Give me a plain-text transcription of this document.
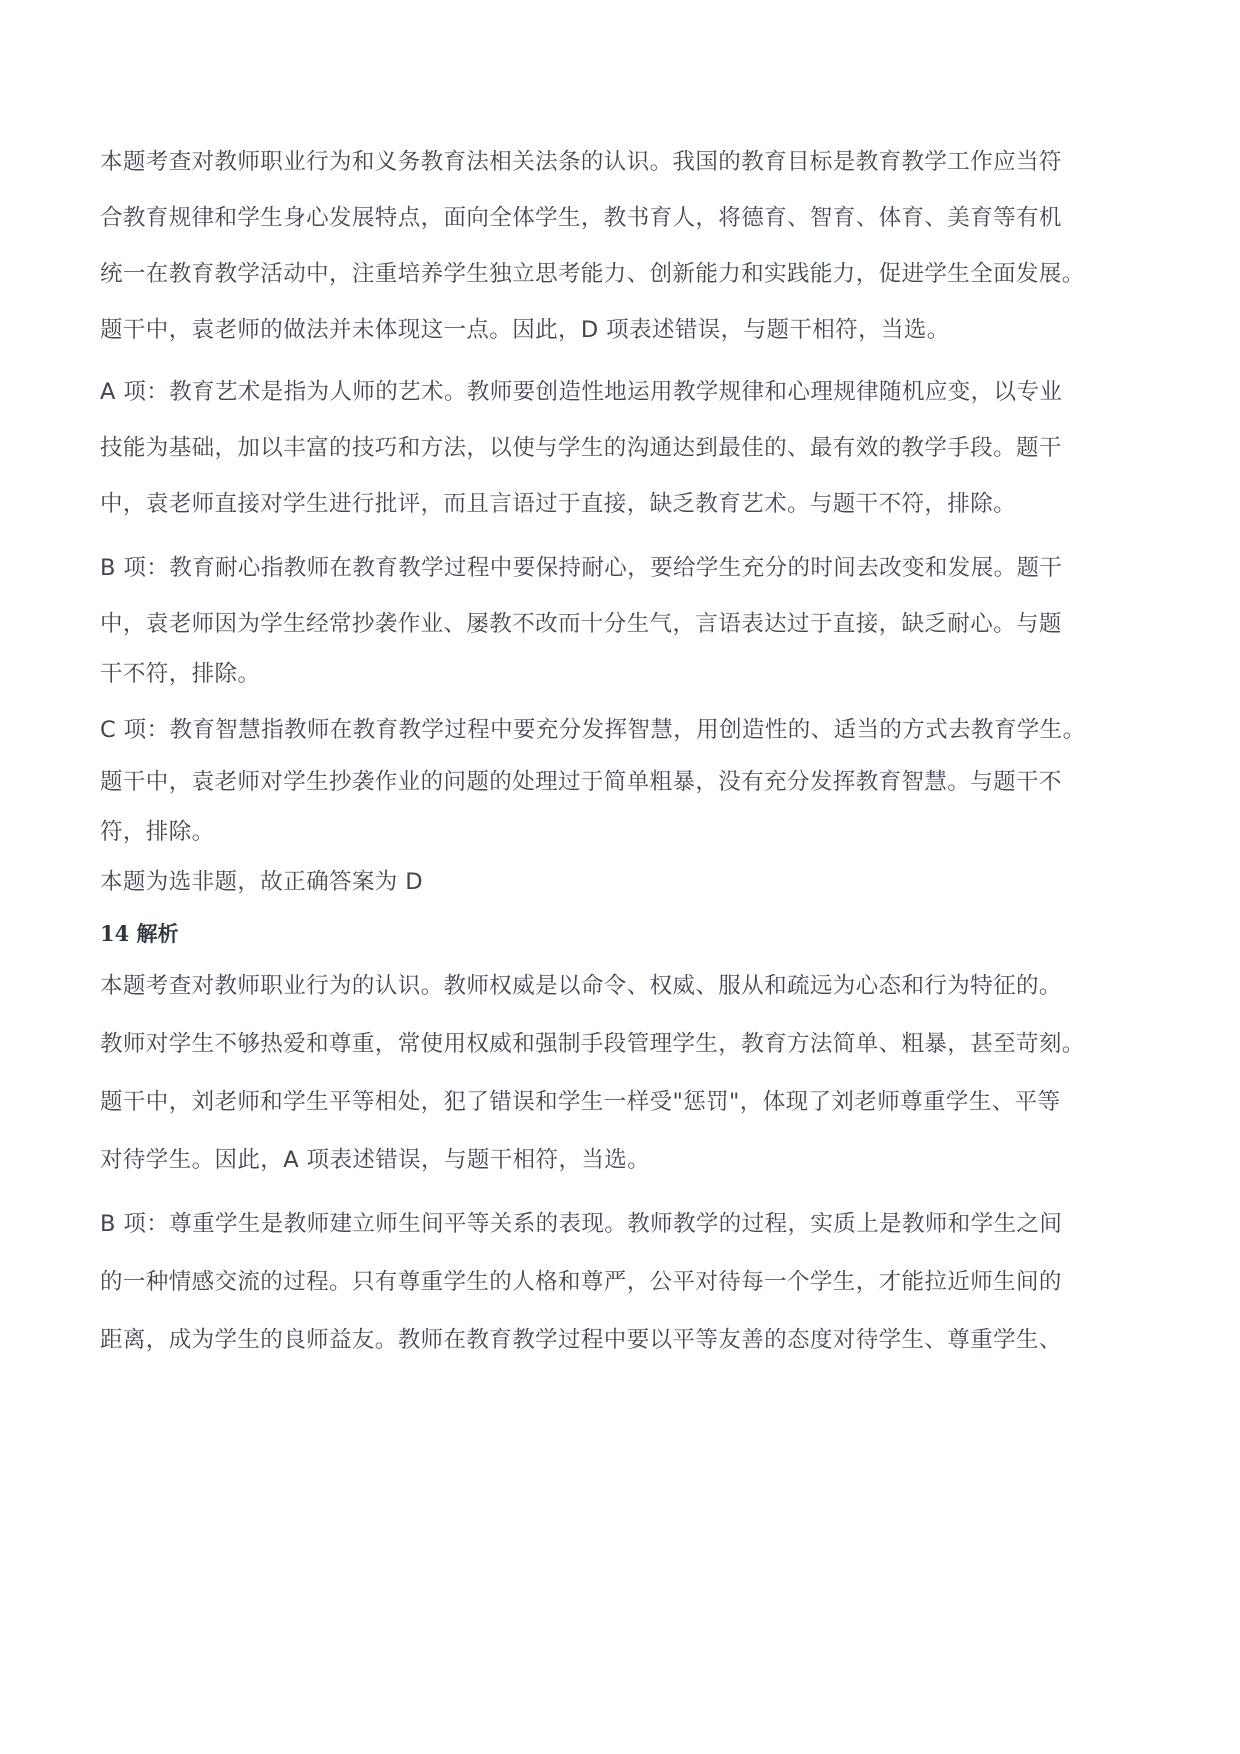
本题考查对教师职业行为和义务教育法相关法条的认识。我国的教育目标是教育教学工作应当符
合教育规律和学生身心发展特点，面向全体学生，教书育人，将德育、智育、体育、美育等有机
统一在教育教学活动中，注重培养学生独立思考能力、创新能力和实践能力，促进学生全面发展。
题干中，袁老师的做法并未体现这一点。因此，D 项表述错误，与题干相符，当选。
A 项：教育艺术是指为人师的艺术。教师要创造性地运用教学规律和心理规律随机应变，以专业
技能为基础，加以丰富的技巧和方法，以使与学生的沟通达到最佳的、最有效的教学手段。题干
中，袁老师直接对学生进行批评，而且言语过于直接，缺乏教育艺术。与题干不符，排除。
B 项：教育耐心指教师在教育教学过程中要保持耐心，要给学生充分的时间去改变和发展。题干
中，袁老师因为学生经常抄袭作业、屡教不改而十分生气，言语表达过于直接，缺乏耐心。与题
干不符，排除。
C 项：教育智慧指教师在教育教学过程中要充分发挥智慧，用创造性的、适当的方式去教育学生。
题干中，袁老师对学生抄袭作业的问题的处理过于简单粗暴，没有充分发挥教育智慧。与题干不
符，排除。
本题为选非题，故正确答案为 D
14 解析
本题考查对教师职业行为的认识。教师权威是以命令、权威、服从和疏远为心态和行为特征的。
教师对学生不够热爱和尊重，常使用权威和强制手段管理学生，教育方法简单、粗暴，甚至苛刻。
题干中，刘老师和学生平等相处，犯了错误和学生一样受"惩罚"，体现了刘老师尊重学生、平等
对待学生。因此，A 项表述错误，与题干相符，当选。
B 项：尊重学生是教师建立师生间平等关系的表现。教师教学的过程，实质上是教师和学生之间
的一种情感交流的过程。只有尊重学生的人格和尊严，公平对待每一个学生，才能拉近师生间的
距离，成为学生的良师益友。教师在教育教学过程中要以平等友善的态度对待学生、尊重学生、
